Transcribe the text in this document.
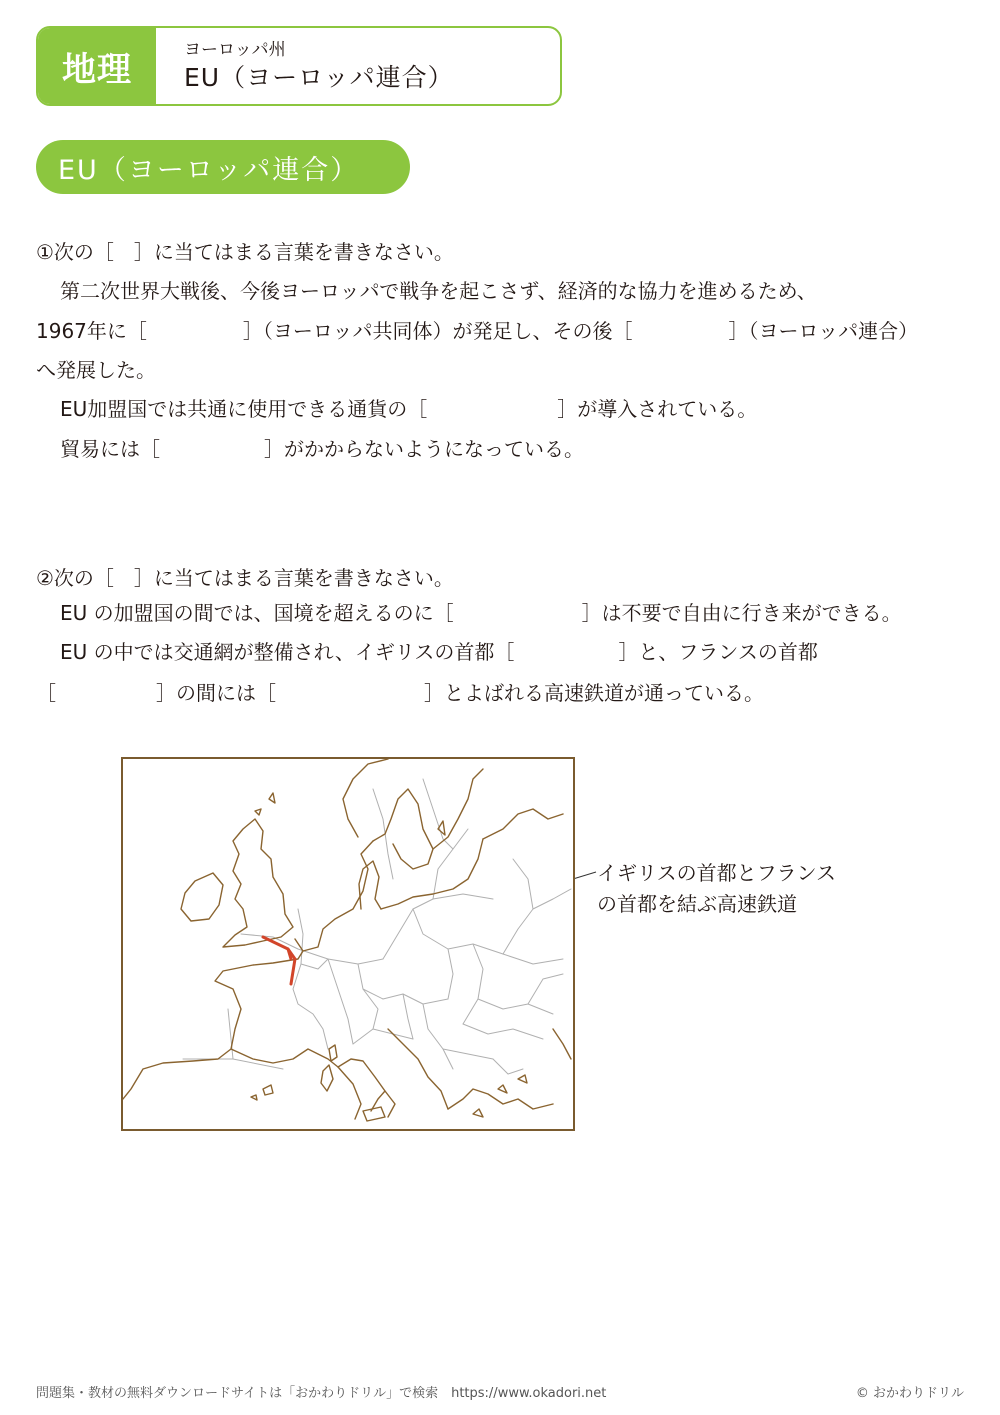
地理	ヨーロッパ州
EU（ヨーロッパ連合）
EU（ヨーロッパ連合）
①次の［　］に当てはまる言葉を書きなさい。
第二次世界大戦後、今後ヨーロッパで戦争を起こさず、経済的な協力を進めるため、
1967年に［	］（ヨーロッパ共同体）が発足し、その後［	］（ヨーロッパ連合）
へ発展した。
EU加盟国では共通に使用できる通貨の［	］が導入されている。
貿易には［	］がかからないようになっている。
②次の［　］に当てはまる言葉を書きなさい。
EU の加盟国の間では、国境を超えるのに［	］は不要で自由に行き来ができる。
EU の中では交通網が整備され、イギリスの首都［	］と、フランスの首都
［	］の間には［	］とよばれる高速鉄道が通っている。
イギリスの首都とフランス
の首都を結ぶ高速鉄道
問題集・教材の無料ダウンロードサイトは「おかわりドリル」で検索　https://www.okadori.net	© おかわりドリル
